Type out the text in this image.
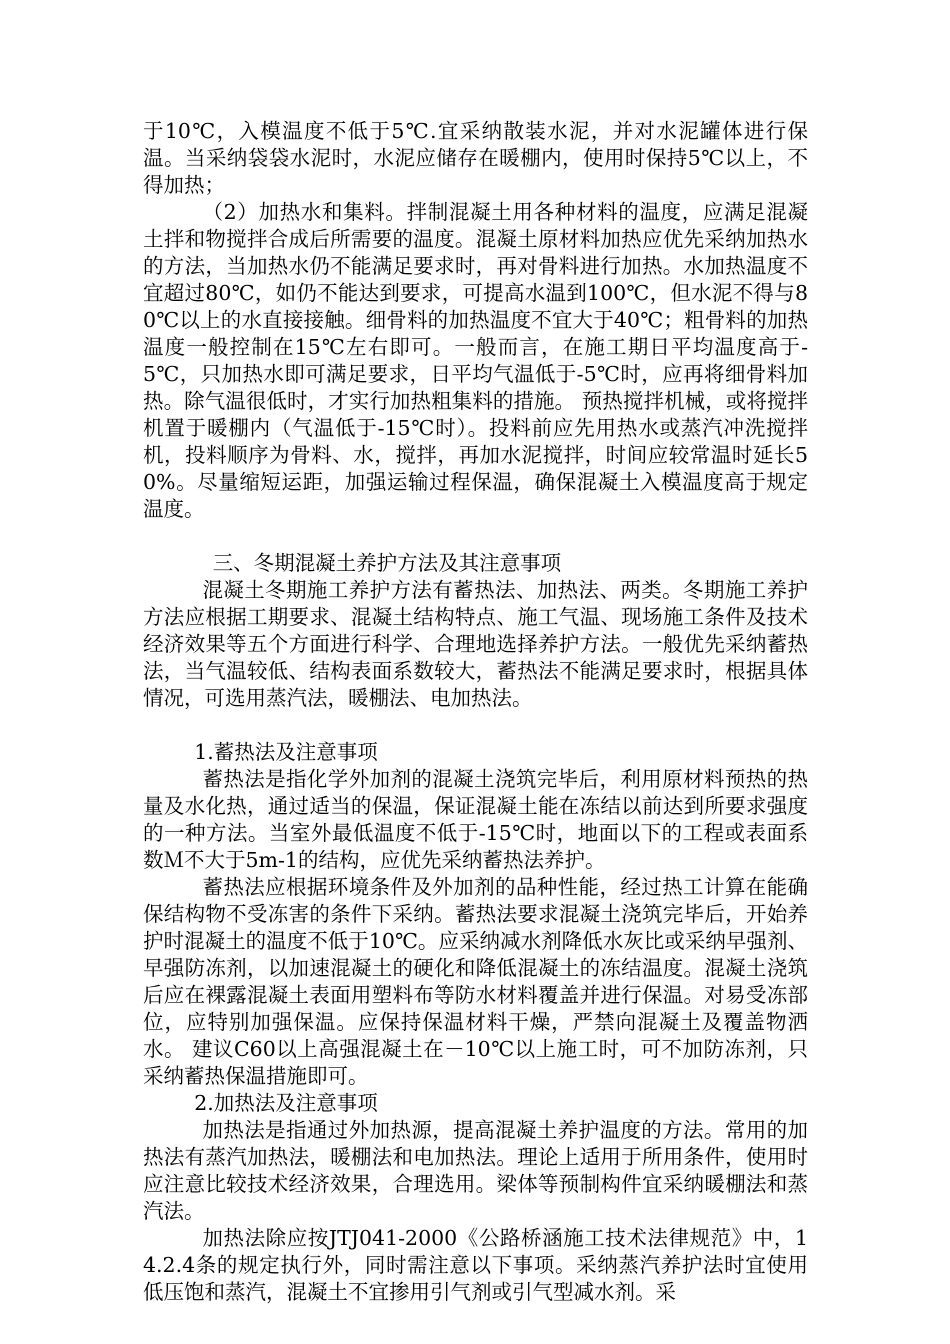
于10℃，入模温度不低于5℃.宜采纳散装水泥，并对水泥罐体进行保温。当采纳袋袋水泥时，水泥应储存在暖棚内，使用时保持5℃以上，不得加热；

（2）加热水和集料。拌制混凝土用各种材料的温度，应满足混凝土拌和物搅拌合成后所需要的温度。混凝土原材料加热应优先采纳加热水的方法，当加热水仍不能满足要求时，再对骨料进行加热。水加热温度不宜超过80℃，如仍不能达到要求，可提高水温到100℃，但水泥不得与80℃以上的水直接接触。细骨料的加热温度不宜大于40℃；粗骨料的加热温度一般控制在15℃左右即可。一般而言，在施工期日平均温度高于-5℃，只加热水即可满足要求，日平均气温低于-5℃时，应再将细骨料加热。除气温很低时，才实行加热粗集料的措施。 预热搅拌机械，或将搅拌机置于暖棚内（气温低于-15℃时）。投料前应先用热水或蒸汽冲洗搅拌机，投料顺序为骨料、水，搅拌，再加水泥搅拌，时间应较常温时延长50%。尽量缩短运距，加强运输过程保温，确保混凝土入模温度高于规定温度。

三、冬期混凝土养护方法及其注意事项

混凝土冬期施工养护方法有蓄热法、加热法、两类。冬期施工养护方法应根据工期要求、混凝土结构特点、施工气温、现场施工条件及技术经济效果等五个方面进行科学、合理地选择养护方法。一般优先采纳蓄热法，当气温较低、结构表面系数较大，蓄热法不能满足要求时，根据具体情况，可选用蒸汽法，暖棚法、电加热法。

1.蓄热法及注意事项

蓄热法是指化学外加剂的混凝土浇筑完毕后，利用原材料预热的热量及水化热，通过适当的保温，保证混凝土能在冻结以前达到所要求强度的一种方法。当室外最低温度不低于-15℃时，地面以下的工程或表面系数Ｍ不大于5m-1的结构，应优先采纳蓄热法养护。

蓄热法应根据环境条件及外加剂的品种性能，经过热工计算在能确保结构物不受冻害的条件下采纳。蓄热法要求混凝土浇筑完毕后，开始养护时混凝土的温度不低于10℃。应采纳减水剂降低水灰比或采纳早强剂、早强防冻剂，以加速混凝土的硬化和降低混凝土的冻结温度。混凝土浇筑后应在裸露混凝土表面用塑料布等防水材料覆盖并进行保温。对易受冻部位，应特别加强保温。应保持保温材料干燥，严禁向混凝土及覆盖物洒水。 建议C60以上高强混凝土在－10℃以上施工时，可不加防冻剂，只采纳蓄热保温措施即可。

2.加热法及注意事项

加热法是指通过外加热源，提高混凝土养护温度的方法。常用的加热法有蒸汽加热法，暖棚法和电加热法。理论上适用于所用条件，使用时应注意比较技术经济效果，合理选用。梁体等预制构件宜采纳暖棚法和蒸汽法。

加热法除应按JTJ041-2000《公路桥涵施工技术法律规范》中，14.2.4条的规定执行外，同时需注意以下事项。采纳蒸汽养护法时宜使用低压饱和蒸汽，混凝土不宜掺用引气剂或引气型减水剂。采
